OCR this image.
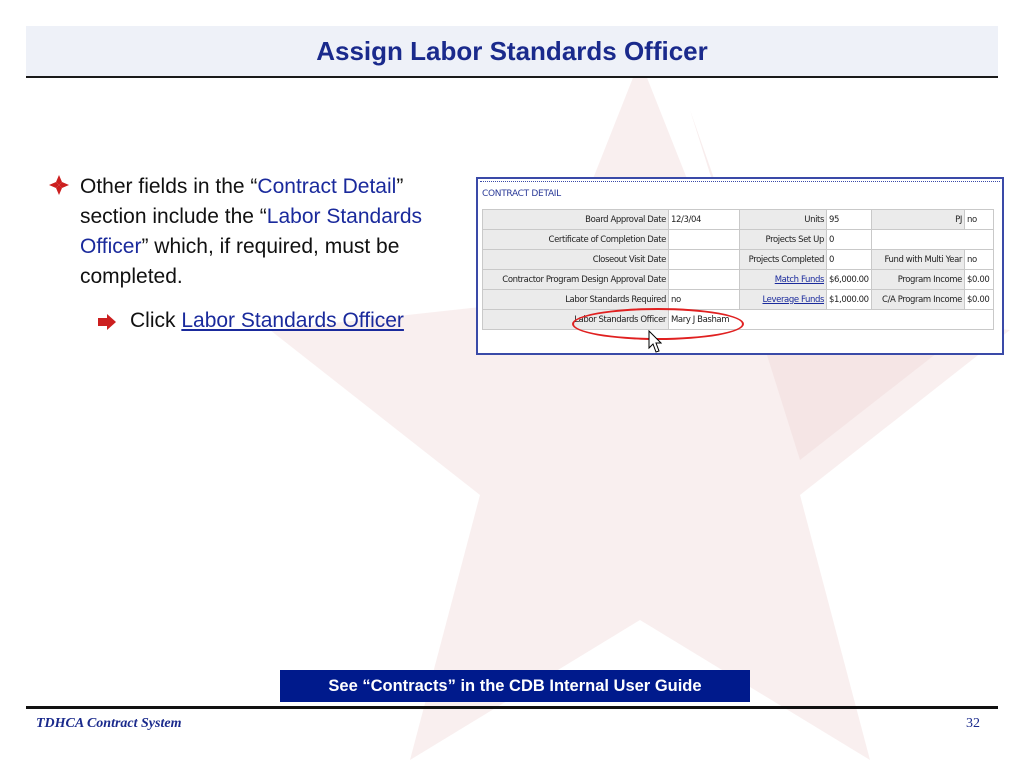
Assign Labor Standards Officer
Other fields in the “Contract Detail” section include the “Labor Standards Officer” which, if required, must be completed.
Click Labor Standards Officer
CONTRACT DETAIL
Board Approval Date	12/3/04	Units	95	PJ	no
Certificate of Completion Date		Projects Set Up	0		
Closeout Visit Date		Projects Completed	0	Fund with Multi Year	no
Contractor Program Design Approval Date		Match Funds	$6,000.00	Program Income	$0.00
Labor Standards Required	no	Leverage Funds	$1,000.00	C/A Program Income	$0.00
Labor Standards Officer	Mary J Basham				
See “Contracts” in the CDB Internal User Guide
TDHCA Contract System	32
